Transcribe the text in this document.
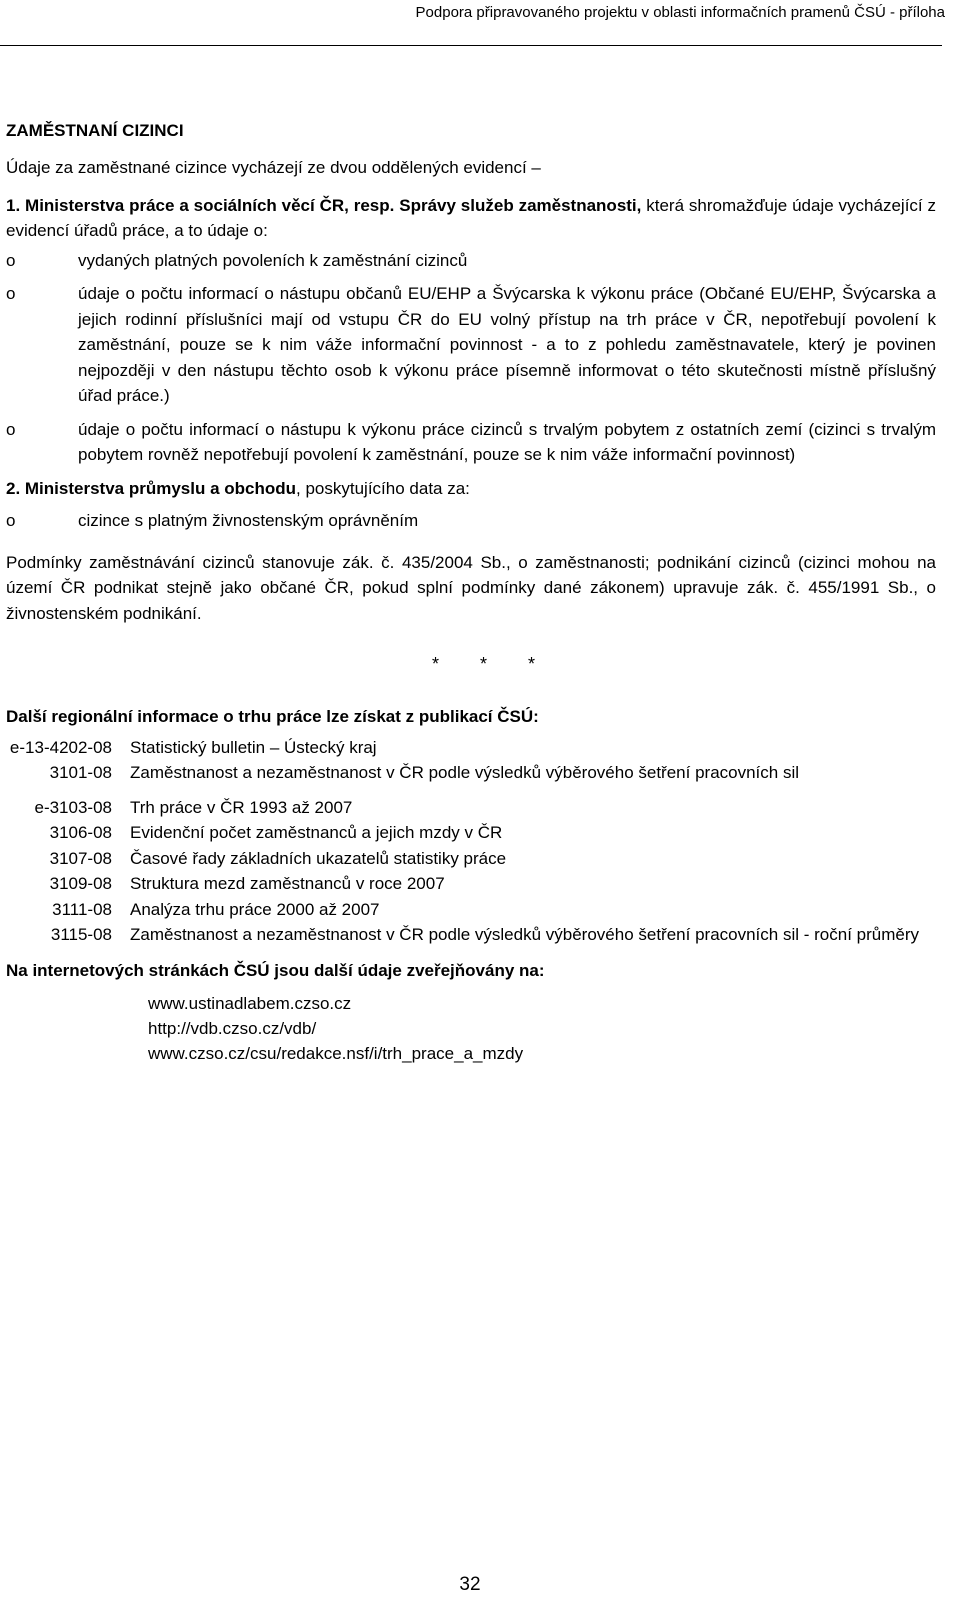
Podpora připravovaného projektu v oblasti informačních pramenů ČSÚ - příloha
ZAMĚSTNANÍ CIZINCI

Údaje za zaměstnané cizince vycházejí ze dvou oddělených evidencí –

1. Ministerstva práce a sociálních věcí ČR, resp. Správy služeb zaměstnanosti, která shromažďuje údaje vycházející z evidencí úřadů práce, a to údaje o:

o	vydaných platných povoleních k zaměstnání cizinců
o	údaje o počtu informací o nástupu občanů EU/EHP a Švýcarska k výkonu práce (Občané EU/EHP, Švýcarska a jejich rodinní příslušníci mají od vstupu ČR do EU volný přístup na trh práce v ČR, nepotřebují povolení k zaměstnání, pouze se k nim váže informační povinnost - a to z pohledu zaměstnavatele, který je povinen nejpozději v den nástupu těchto osob k výkonu práce písemně informovat o této skutečnosti místně příslušný úřad práce.)
o	údaje o počtu informací o nástupu k výkonu práce cizinců s trvalým pobytem z ostatních zemí (cizinci s trvalým pobytem rovněž nepotřebují povolení k zaměstnání, pouze se k nim váže informační povinnost)

2. Ministerstva průmyslu a obchodu, poskytujícího data za:

o	cizince s platným živnostenským oprávněním

Podmínky zaměstnávání cizinců stanovuje zák. č. 435/2004 Sb., o zaměstnanosti; podnikání cizinců (cizinci mohou na území ČR podnikat stejně jako občané ČR, pokud splní podmínky dané zákonem) upravuje zák. č. 455/1991 Sb., o živnostenském podnikání.

* * *
Další regionální informace o trhu práce lze získat z publikací ČSÚ:
e-13-4202-08	Statistický bulletin – Ústecký kraj
3101-08	Zaměstnanost a nezaměstnanost v ČR podle výsledků výběrového šetření pracovních sil
e-3103-08	Trh práce v ČR 1993 až 2007
3106-08	Evidenční počet zaměstnanců a jejich mzdy v ČR
3107-08	Časové řady základních ukazatelů statistiky práce
3109-08	Struktura mezd zaměstnanců v roce 2007
3111-08	Analýza trhu práce 2000 až 2007
3115-08	Zaměstnanost a nezaměstnanost v ČR podle výsledků výběrového šetření pracovních sil - roční průměry
Na internetových stránkách ČSÚ jsou další údaje zveřejňovány na:
www.ustinadlabem.czso.cz
http://vdb.czso.cz/vdb/
www.czso.cz/csu/redakce.nsf/i/trh_prace_a_mzdy
32
